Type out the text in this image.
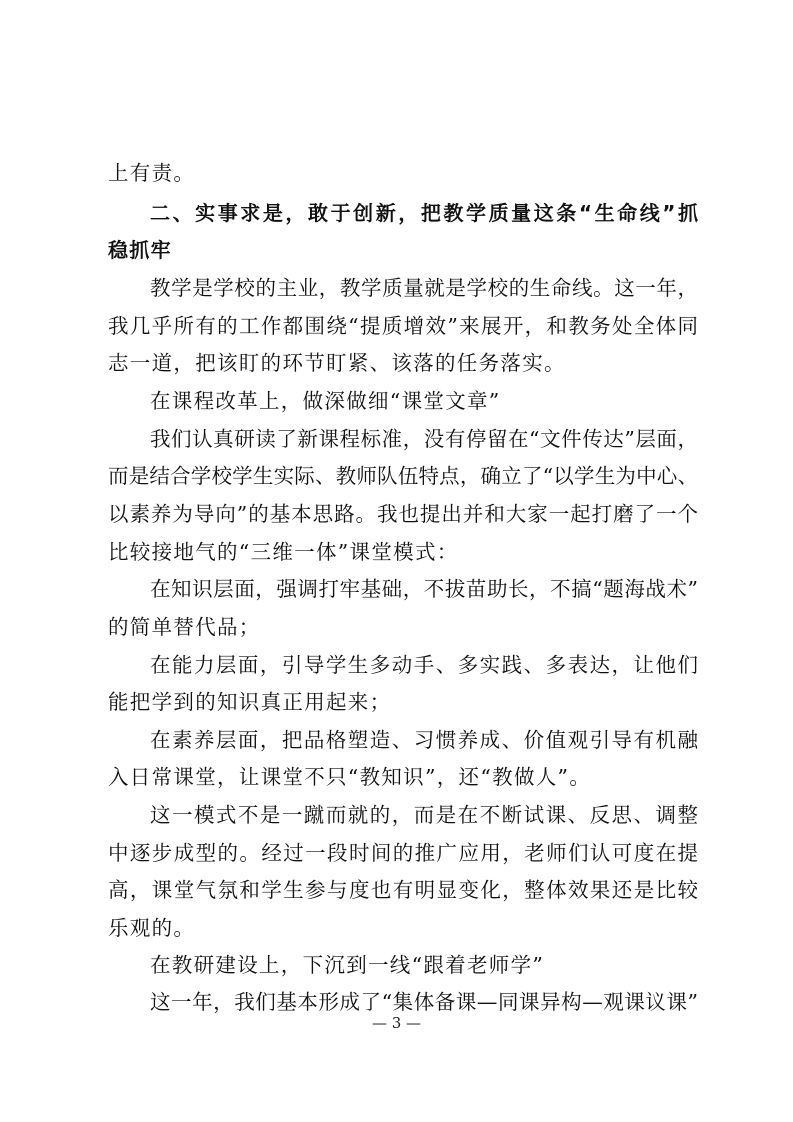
上有责。
二、实事求是，敢于创新，把教学质量这条“生命线”抓
稳抓牢
教学是学校的主业，教学质量就是学校的生命线。这一年，
我几乎所有的工作都围绕“提质增效”来展开，和教务处全体同
志一道，把该盯的环节盯紧、该落的任务落实。
在课程改革上，做深做细“课堂文章”
我们认真研读了新课程标准，没有停留在“文件传达”层面，
而是结合学校学生实际、教师队伍特点，确立了“以学生为中心、
以素养为导向”的基本思路。我也提出并和大家一起打磨了一个
比较接地气的“三维一体”课堂模式：
在知识层面，强调打牢基础，不拔苗助长，不搞“题海战术”
的简单替代品；
在能力层面，引导学生多动手、多实践、多表达，让他们
能把学到的知识真正用起来；
在素养层面，把品格塑造、习惯养成、价值观引导有机融
入日常课堂，让课堂不只“教知识”，还“教做人”。
这一模式不是一蹴而就的，而是在不断试课、反思、调整
中逐步成型的。经过一段时间的推广应用，老师们认可度在提
高，课堂气氛和学生参与度也有明显变化，整体效果还是比较
乐观的。
在教研建设上，下沉到一线“跟着老师学”
这一年，我们基本形成了“集体备课—同课异构—观课议课”
— 3 —
